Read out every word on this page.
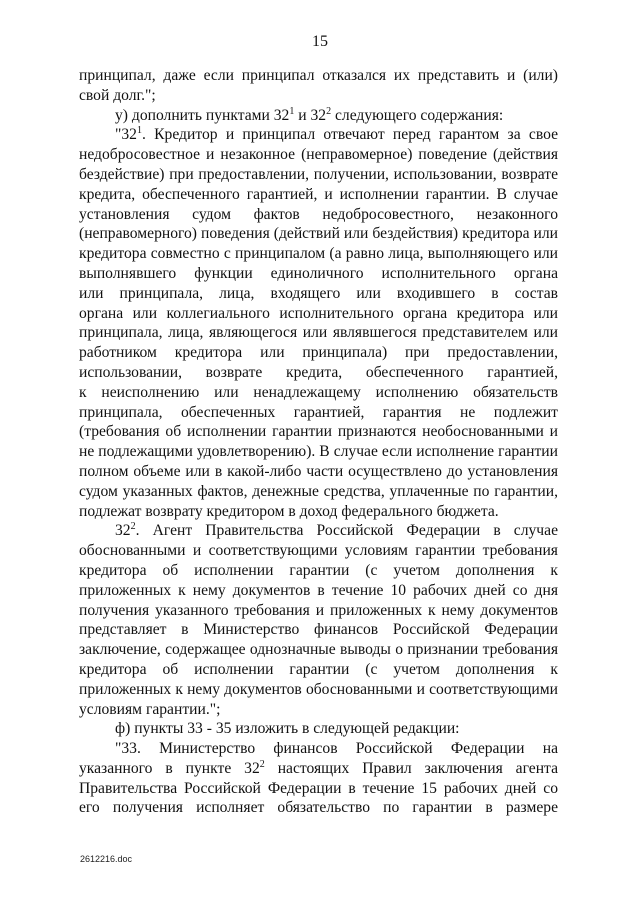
15
принципал, даже если принципал отказался их представить и (или)
свой долг.";
у) дополнить пунктами $32^1$ и $32^2$ следующего содержания:
"$32^1$. Кредитор и принципал отвечают перед гарантом за свое
недобросовестное и незаконное (неправомерное) поведение (действия
бездействие) при предоставлении, получении, использовании, возврате
кредита, обеспеченного гарантией, и исполнении гарантии. В случае
установления судом фактов недобросовестного, незаконного
(неправомерного) поведения (действий или бездействия) кредитора или
кредитора совместно с принципалом (а равно лица, выполняющего или
выполнявшего функции единоличного исполнительного органа
или принципала, лица, входящего или входившего в состав
органа или коллегиального исполнительного органа кредитора или
принципала, лица, являющегося или являвшегося представителем или
работником кредитора или принципала) при предоставлении,
использовании, возврате кредита, обеспеченного гарантией,
к неисполнению или ненадлежащему исполнению обязательств
принципала, обеспеченных гарантией, гарантия не подлежит
(требования об исполнении гарантии признаются необоснованными и
не подлежащими удовлетворению). В случае если исполнение гарантии
полном объеме или в какой-либо части осуществлено до установления
судом указанных фактов, денежные средства, уплаченные по гарантии,
подлежат возврату кредитором в доход федерального бюджета.
$32^2$. Агент Правительства Российской Федерации в случае
обоснованными и соответствующими условиям гарантии требования
кредитора об исполнении гарантии (с учетом дополнения к
приложенных к нему документов в течение 10 рабочих дней со дня
получения указанного требования и приложенных к нему документов
представляет в Министерство финансов Российской Федерации
заключение, содержащее однозначные выводы о признании требования
кредитора об исполнении гарантии (с учетом дополнения к
приложенных к нему документов обоснованными и соответствующими
условиям гарантии.";
ф) пункты 33 - 35 изложить в следующей редакции:
"33. Министерство финансов Российской Федерации на
указанного в пункте $32^2$ настоящих Правил заключения агента
Правительства Российской Федерации в течение 15 рабочих дней со
его получения исполняет обязательство по гарантии в размере
2612216.doc
